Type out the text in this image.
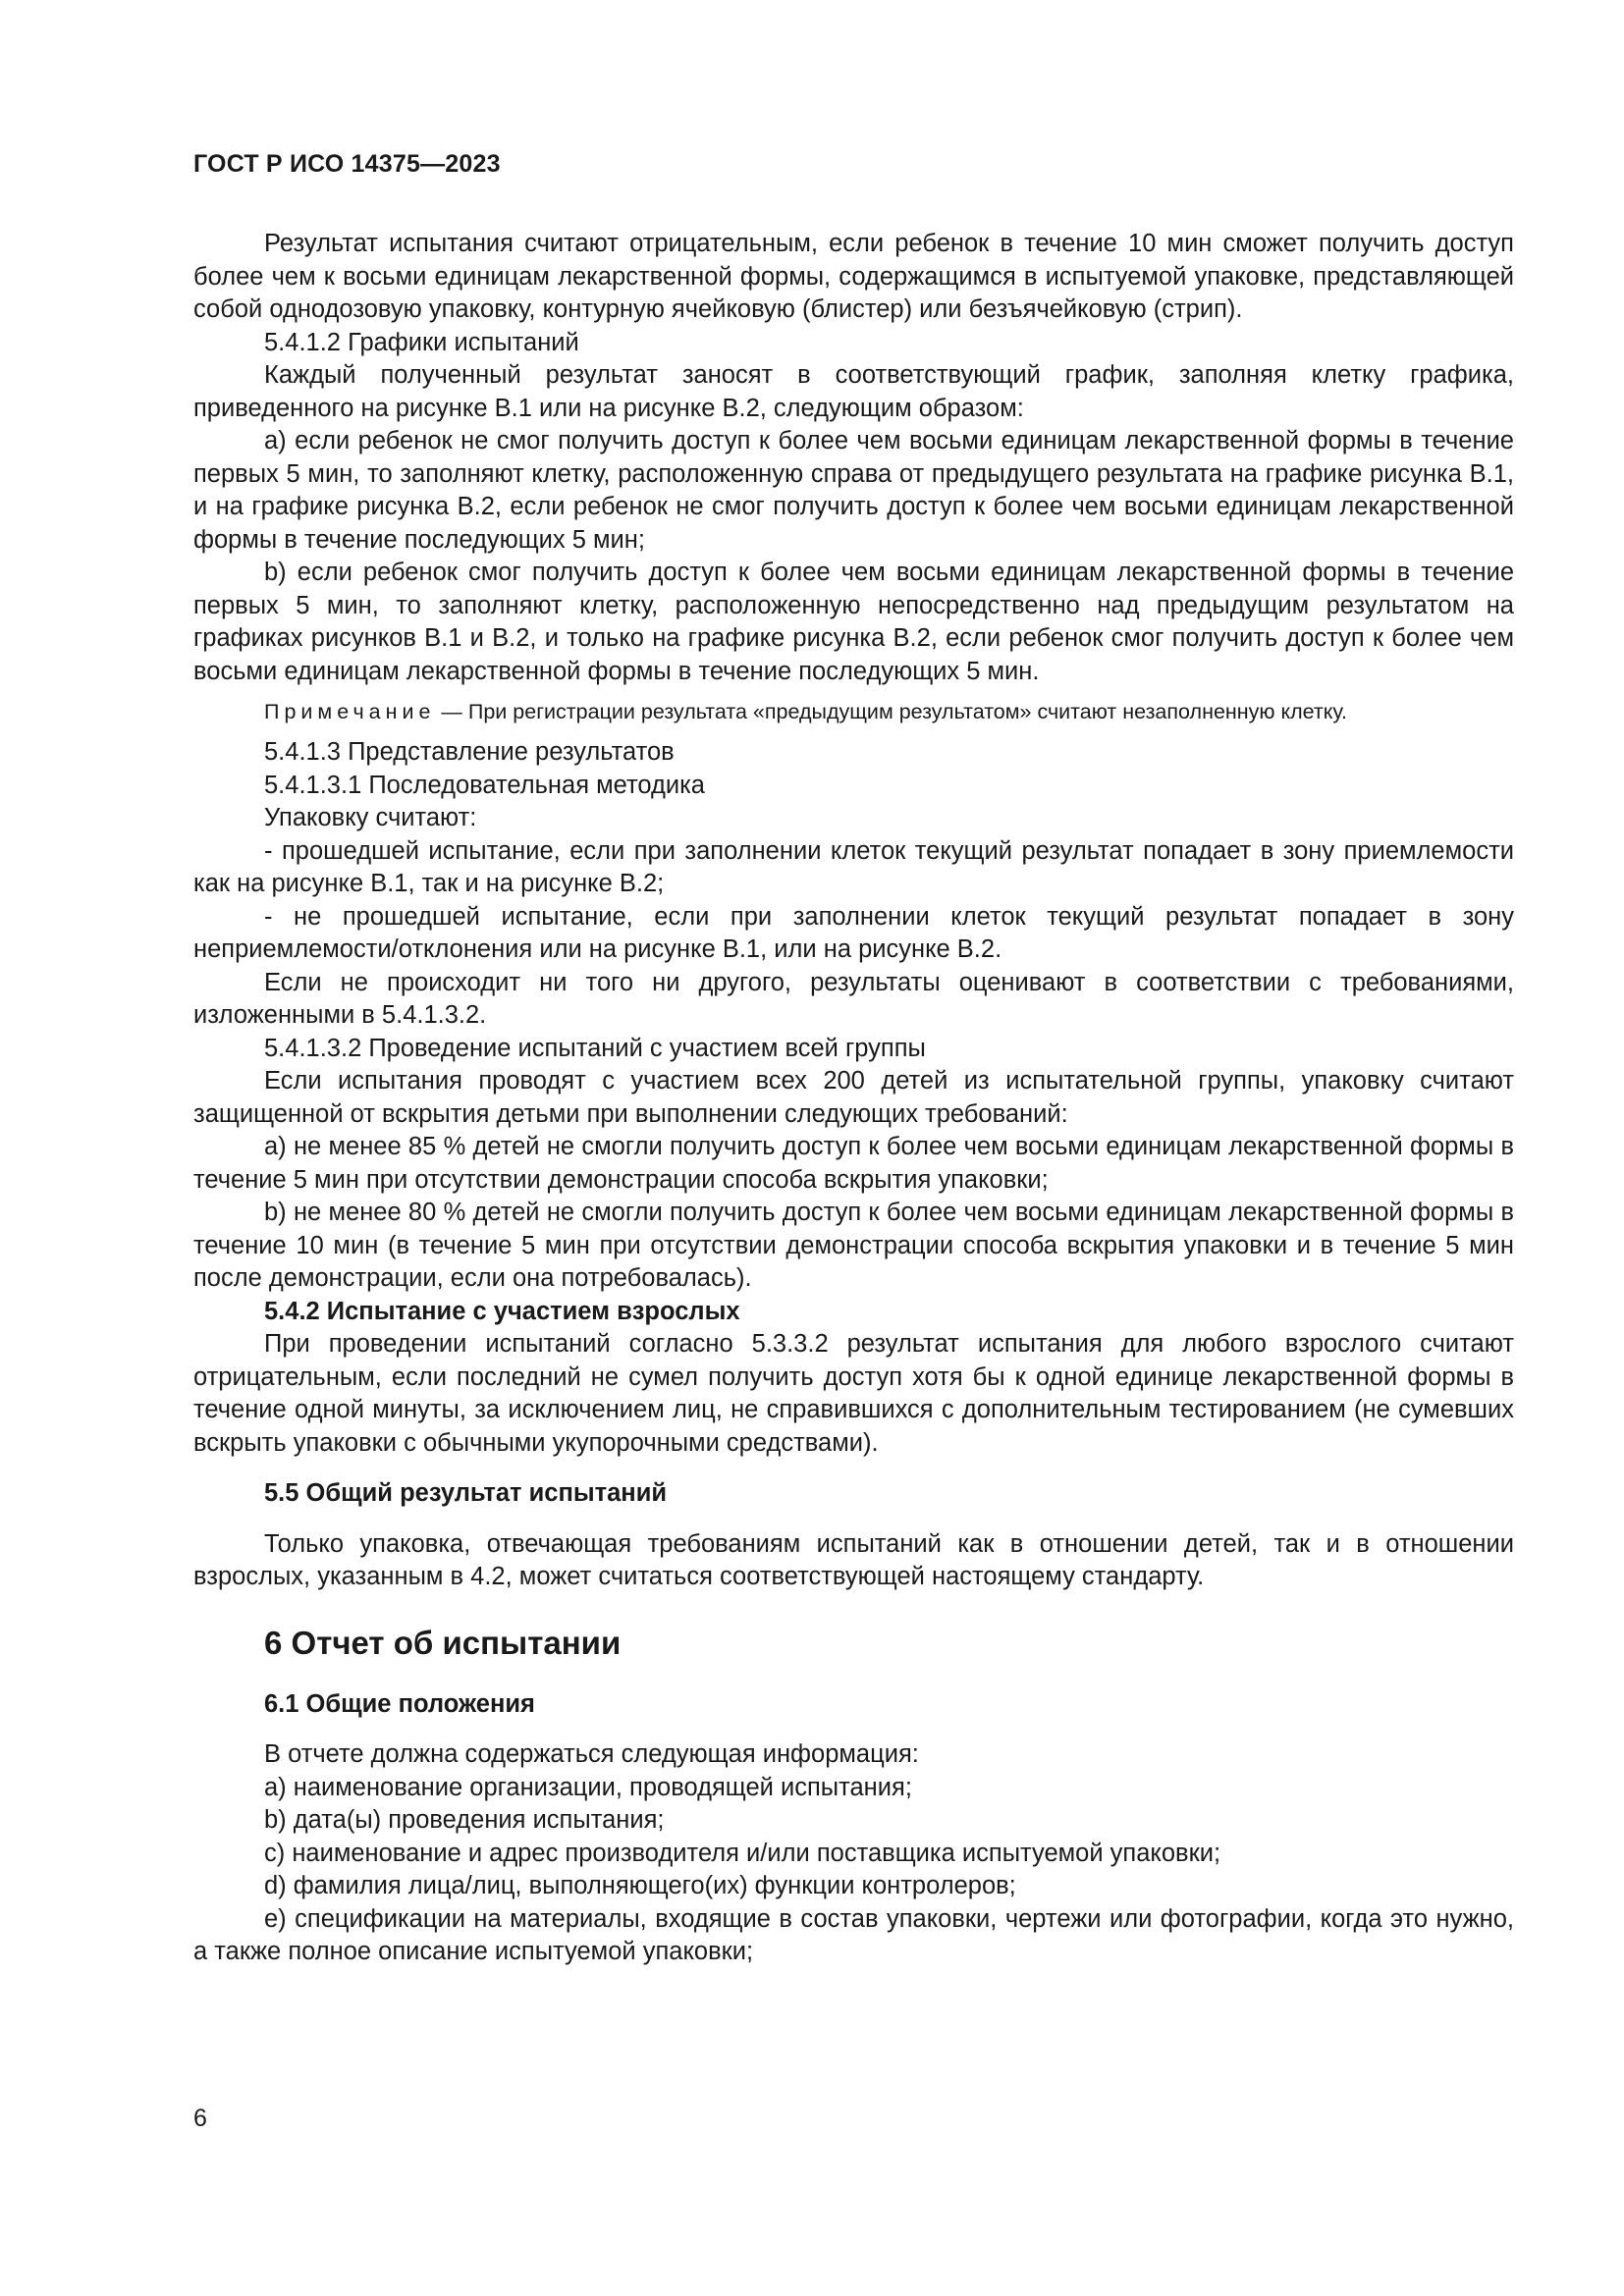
ГОСТ Р ИСО 14375—2023

Результат испытания считают отрицательным, если ребенок в течение 10 мин сможет получить доступ более чем к восьми единицам лекарственной формы, содержащимся в испытуемой упаковке, представляющей собой однодозовую упаковку, контурную ячейковую (блистер) или безъячейковую (стрип).

5.4.1.2 Графики испытаний

Каждый полученный результат заносят в соответствующий график, заполняя клетку графика, приведенного на рисунке В.1 или на рисунке В.2, следующим образом:

a) если ребенок не смог получить доступ к более чем восьми единицам лекарственной формы в течение первых 5 мин, то заполняют клетку, расположенную справа от предыдущего результата на графике рисунка В.1, и на графике рисунка В.2, если ребенок не смог получить доступ к более чем восьми единицам лекарственной формы в течение последующих 5 мин;

b) если ребенок смог получить доступ к более чем восьми единицам лекарственной формы в течение первых 5 мин, то заполняют клетку, расположенную непосредственно над предыдущим результатом на графиках рисунков В.1 и В.2, и только на графике рисунка В.2, если ребенок смог получить доступ к более чем восьми единицам лекарственной формы в течение последующих 5 мин.

Примечание — При регистрации результата «предыдущим результатом» считают незаполненную клетку.

5.4.1.3 Представление результатов

5.4.1.3.1 Последовательная методика

Упаковку считают:

- прошедшей испытание, если при заполнении клеток текущий результат попадает в зону приемлемости как на рисунке В.1, так и на рисунке В.2;

- не прошедшей испытание, если при заполнении клеток текущий результат попадает в зону неприемлемости/отклонения или на рисунке В.1, или на рисунке В.2.

Если не происходит ни того ни другого, результаты оценивают в соответствии с требованиями, изложенными в 5.4.1.3.2.

5.4.1.3.2 Проведение испытаний с участием всей группы

Если испытания проводят с участием всех 200 детей из испытательной группы, упаковку считают защищенной от вскрытия детьми при выполнении следующих требований:

a) не менее 85 % детей не смогли получить доступ к более чем восьми единицам лекарственной формы в течение 5 мин при отсутствии демонстрации способа вскрытия упаковки;

b) не менее 80 % детей не смогли получить доступ к более чем восьми единицам лекарственной формы в течение 10 мин (в течение 5 мин при отсутствии демонстрации способа вскрытия упаковки и в течение 5 мин после демонстрации, если она потребовалась).

5.4.2 Испытание с участием взрослых

При проведении испытаний согласно 5.3.3.2 результат испытания для любого взрослого считают отрицательным, если последний не сумел получить доступ хотя бы к одной единице лекарственной формы в течение одной минуты, за исключением лиц, не справившихся с дополнительным тестированием (не сумевших вскрыть упаковки с обычными укупорочными средствами).

5.5 Общий результат испытаний

Только упаковка, отвечающая требованиям испытаний как в отношении детей, так и в отношении взрослых, указанным в 4.2, может считаться соответствующей настоящему стандарту.

6 Отчет об испытании

6.1 Общие положения

В отчете должна содержаться следующая информация:

a) наименование организации, проводящей испытания;

b) дата(ы) проведения испытания;

c) наименование и адрес производителя и/или поставщика испытуемой упаковки;

d) фамилия лица/лиц, выполняющего(их) функции контролеров;

e) спецификации на материалы, входящие в состав упаковки, чертежи или фотографии, когда это нужно, а также полное описание испытуемой упаковки;

6
